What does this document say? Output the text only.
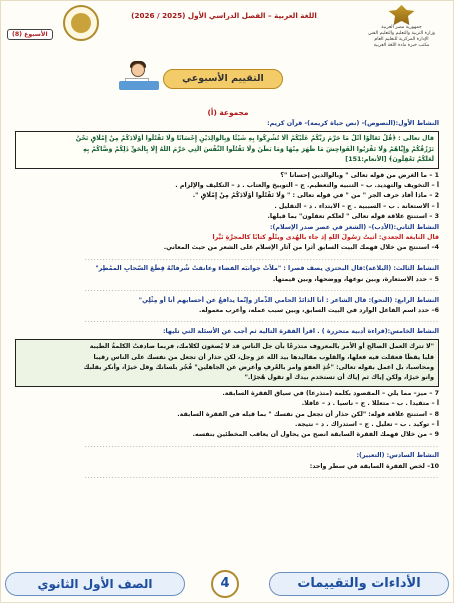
جمهورية مصر العربية
وزارة التربية والتعليم والتعليم الفني
الإدارة المركزية للتعليم العام
مكتب خبرة مادة اللغة العربية
اللغة العربية – الفصل الدراسي الأول (2025 / 2026)
الأسبوع (8)
التقييم الأسبوعي
مجموعة (أ)
النشاط الأول:(النصوص)- (نص حياة كريمة)- قرآن كريم:
قال تعالى : ﴿قُلْ تَعَالَوْا أَتْلُ مَا حَرَّمَ رَبُّكُمْ عَلَيْكُمْ أَلَّا تُشْرِكُوا بِهِ شَيْئًا وَبِالْوَالِدَيْنِ إِحْسَانًا وَلَا تَقْتُلُوا أَوْلَادَكُمْ مِنْ إِمْلَاقٍ نَحْنُ
نَرْزُقُكُمْ وَإِيَّاهُمْ وَلَا تَقْرَبُوا الْفَوَاحِشَ مَا ظَهَرَ مِنْهَا وَمَا بَطَنَ وَلَا تَقْتُلُوا النَّفْسَ الَّتِي حَرَّمَ اللَّهُ إِلَّا بِالْحَقِّ ذَلِكُمْ وَصَّاكُمْ بِهِ
لَعَلَّكُمْ تَعْقِلُونَ﴾ [الأنعام:151]
1 – ما الغرض من قوله تعالى " وبالوالدين إحسانا "؟
أ – التخويف والتهديد. ب – التنبيه والتعظيم. ج – التوبيخ والعتاب . د – التكليف والإلزام .
2 – ماذا أفاد حرف الجر " من " في قوله تعالى : " وَلَا تَقْتُلُوا أَوْلَادَكُمْ مِنْ إِمْلَاقٍ ".
أ – الاستعانة . ب – السببية . ج – الابتداء . د – التقليل .
3 – استنتج علاقة قوله تعالى " لعلكم تعقلون" بما قبلها.
النشاط الثاني:(الأدب)– (الشعر في عصر صدر الإسلام):
قال النابغة الجعدي: أتيتُ رَسُولَ اللهِ إذ جاء بالهُدى ويتْلُو كتابًا كالمجرَّةِ نَيِّرا
4– استنتج من خلال فهمك البيت السابق أثرا من آثار الإسلام على الشعر من حيث المعاني.
......................................................................................................................
النشاط الثالث: (البلاغة):قال البحتري يصف قصرا : "ملأتْ جوانبَه الفضاءَ وعانقتْ شُرفاتُهُ قِطَعَ السّحابِ الممْطِر"
5 – حدد الاستعارة، وبين نوعها، ووضحها، وبين قيمتها.
......................................................................................................................
النشاط الرابع: (النحو): قال الشاعر : أنا الذائدُ الحامي الذِّمارَ وإنّما يدافعُ عن أحسابهم أنا أو مِثْلِي"
6– حدد اسم الفاعل الوارد في البيت السابق، وبين سبب عمله، وأعرب معموله.
......................................................................................................................
النشاط الخامس:(قراءة أدبية متحررة ) . اقرأ الفقرة التالية ثم أجب عن الأسئلة التي تليها:
"لا تترك العمل الصالح أو الأمر بالمعروف متذرعًا بأن جل الناس قد لا يُصغون لكلامك، فربما صادفتْ الكلمةُ الطيبة
قلبا يقظًا فعقلت فيه فعلها، والقلوب مقاليدها بيد الله عز وجل، لكن حذار أن تجعل من نفسك على الناس رقيبا
ومحاسبا، بل اعمل بقوله تعالى: "خُذِ العفوَ وامر بالعُرفِ وأعرض عن الجاهلين" فُجْر بلسانك وقل خيرًا، وأنكر بقلبك
وانو خيرًا، ولكن إياك ثم إياك أن تستخدم بيدك أو تقول هُجرًا."
7 – ميز– مما يلي – المقصود بكلمة (متذرعا) في سياق الفقرة السابقة.
أ – متقيدا . ب – متعللا . ج – ناسيا . د – غافلا.
8 – استنتج علاقة قوله: "لكن حذار أن تجعل من نفسك " بما قبله في الفقرة السابقة.
أ – توكيد . ب – تعليل . ج – استدراك . د – نتيجة.
9 – من خلال فهمك الفقرة السابقة انصح من يحاول أن يعاقب المخطئين بنفسه.
......................................................................................................................
النشاط السادس: (التعبير):
10– لخص الفقرة السابقة في سطر واحد:
......................................................................................................................
الأداءات والتقييمات
4
الصف الأول الثانوي
